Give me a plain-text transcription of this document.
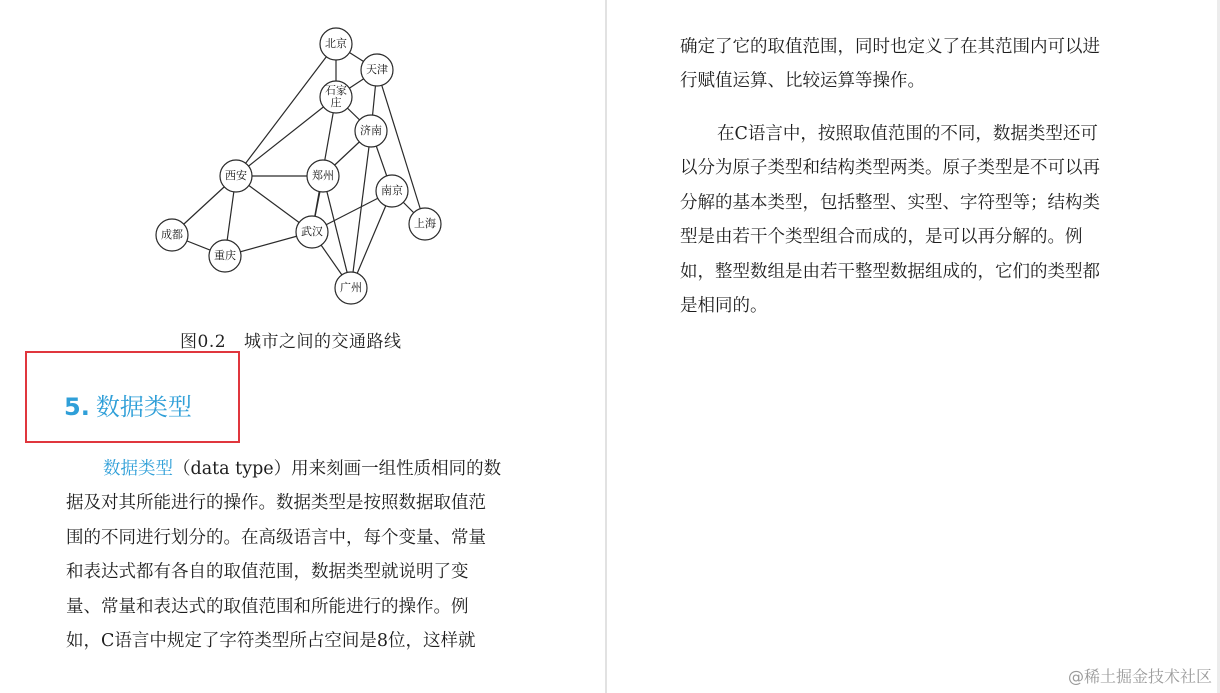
北京
天津
石家
庄
济南
西安	郑州
南京
上海
成都	武汉
重庆
广州
图0.2 城市之间的交通路线
5. 数据类型
数据类型（data type）用来刻画一组性质相同的数
据及对其所能进行的操作。数据类型是按照数据取值范
围的不同进行划分的。在高级语言中，每个变量、常量
和表达式都有各自的取值范围，数据类型就说明了变
量、常量和表达式的取值范围和所能进行的操作。例
如，C语言中规定了字符类型所占空间是8位，这样就
确定了它的取值范围，同时也定义了在其范围内可以进
行赋值运算、比较运算等操作。
在C语言中，按照取值范围的不同，数据类型还可
以分为原子类型和结构类型两类。原子类型是不可以再
分解的基本类型，包括整型、实型、字符型等；结构类
型是由若干个类型组合而成的，是可以再分解的。例
如，整型数组是由若干整型数据组成的，它们的类型都
是相同的。
@稀土掘金技术社区
